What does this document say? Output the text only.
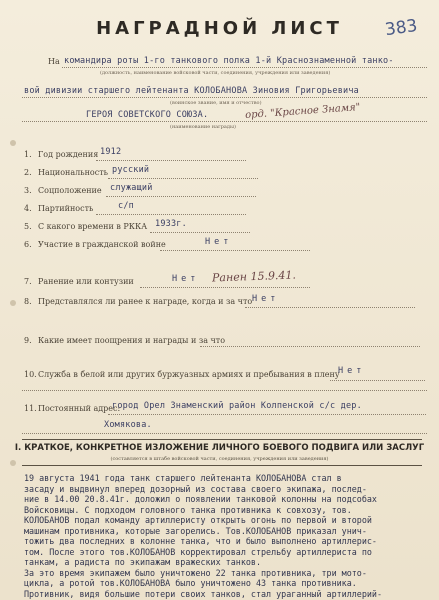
НАГРАДНОЙ ЛИСТ	383
На командира роты 1-го танкового полка 1-й Краснознаменной танко-
(должность, наименование войсковой части, соединения, учреждения или заведения)
вой дивизии старшего лейтенанта КОЛОБАНОВА Зиновия Григорьевича
(воинское звание, имя и отчество)
ГЕРОЯ СОВЕТСКОГО СОЮЗА.	орд. "Красное Знамя"
(наименование награды)
1. Год рождения 1912
2. Национальность русский
3. Соцположение служащий
4. Партийность	с/п
5. С какого времени в РККА 1933г.
6. Участие в гражданской войне	Нет
7. Ранение или контузии	Нет Ранен 15.9.41.
8. Представлялся ли ранее к награде, когда и за что Нет
9. Какие имеет поощрения и награды и за что
10. Служба в белой или других буржуазных армиях и пребывания в плену
Нет
11. Постоянный адрес:
город Орел Знаменский район Колпенской с/с дер.
Хомякова.
I. КРАТКОЕ, КОНКРЕТНОЕ ИЗЛОЖЕНИЕ ЛИЧНОГО БОЕВОГО ПОДВИГА ИЛИ ЗАСЛУГ
(составляется в штабе войсковой части, соединения, учреждения или заведения)
19 августа 1941 года танк старшего лейтенанта КОЛОБАНОВА стал в
засаду и выдвинул вперед дозорный из состава своего экипажа, послед-
ние в 14.00 20.8.41г. доложил о появлении танковой колонны на подсобах
Войсковицы. С подходом головного танка противника к совхозу, тов.
КОЛОБАНОВ подал команду артиллеристу открыть огонь по первой и второй
машинам противника, которые загорелись. Тов.КОЛОБАНОВ приказал унич-
тожить два последних в колонне танка, что и было выполнено артиллерис-
том. После этого тов.КОЛОБАНОВ корректировал стрельбу артиллериста по
танкам, а радиста по экипажам вражеских танков.
За это время экипажем было уничтожено 22 танка противника, три мото-
цикла, а ротой тов.КОЛОБАНОВА было уничтожено 43 танка противника.
Противник, видя большие потери своих танков, стал ураганный артиллерий-
